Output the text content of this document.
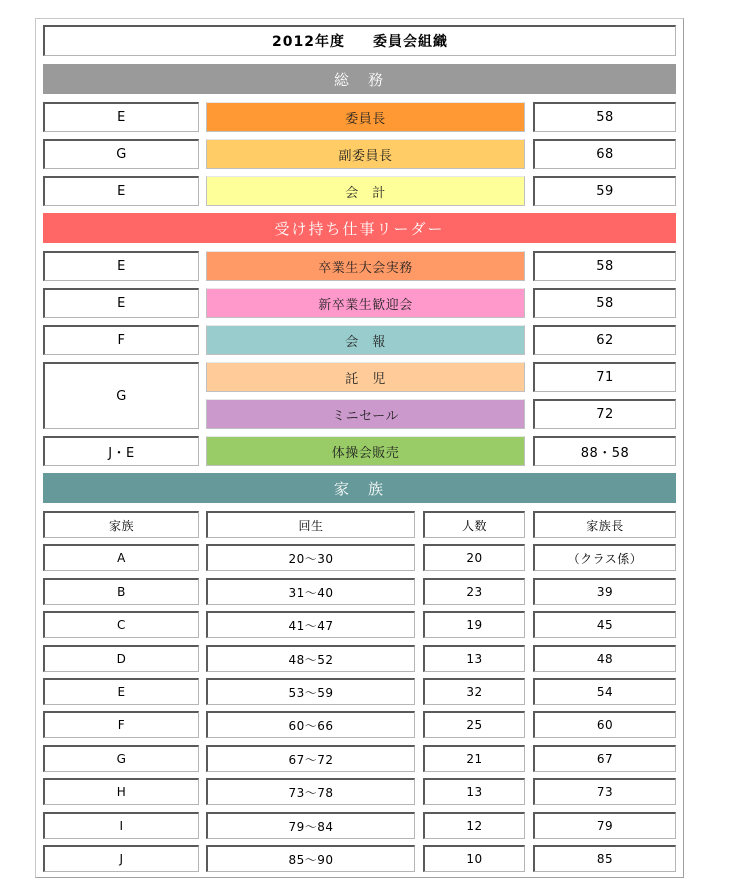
2012年度 委員会組織
総　務
E	委員長	58
G	副委員長	68
E	会　計	59
受け持ち仕事リーダー
E	卒業生大会実務	58
E	新卒業生歓迎会	58
F	会　報	62
G
託　児	71
ミニセール	72
J・E	体操会販売	88・58
家　族
家族	回生	人数	家族長
A	20～30	20	（クラス係）
B	31～40	23	39
C	41～47	19	45
D	48～52	13	48
E	53～59	32	54
F	60～66	25	60
G	67～72	21	67
H	73～78	13	73
I	79～84	12	79
J	85～90	10	85
